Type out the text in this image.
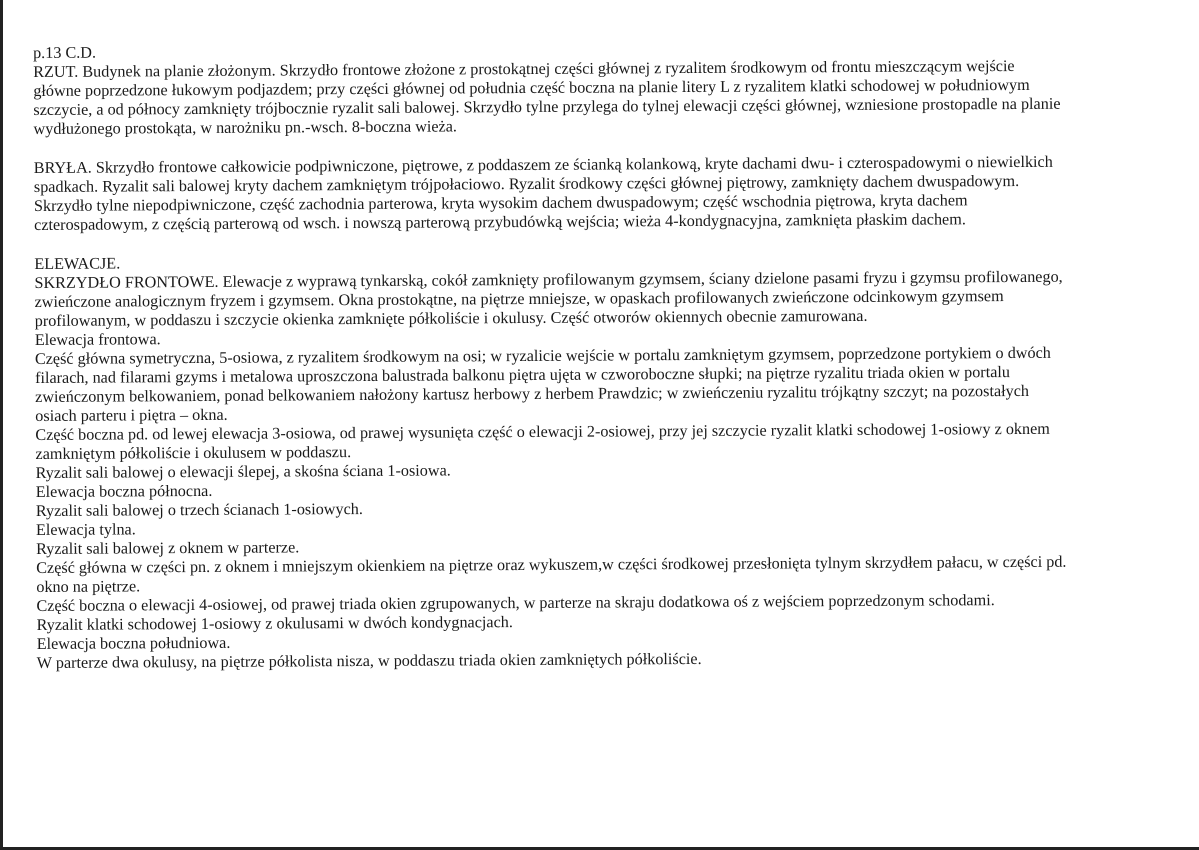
p.13 C.D.
RZUT. Budynek na planie złożonym. Skrzydło frontowe złożone z prostokątnej części głównej z ryzalitem środkowym od frontu mieszczącym wejście
główne poprzedzone łukowym podjazdem; przy części głównej od południa część boczna na planie litery L z ryzalitem klatki schodowej w południowym
szczycie, a od północy zamknięty trójbocznie ryzalit sali balowej. Skrzydło tylne przylega do tylnej elewacji części głównej, wzniesione prostopadle na planie
wydłużonego prostokąta, w narożniku pn.-wsch. 8-boczna wieża.
BRYŁA. Skrzydło frontowe całkowicie podpiwniczone, piętrowe, z poddaszem ze ścianką kolankową, kryte dachami dwu- i czterospadowymi o niewielkich
spadkach. Ryzalit sali balowej kryty dachem zamkniętym trójpołaciowo. Ryzalit środkowy części głównej piętrowy, zamknięty dachem dwuspadowym.
Skrzydło tylne niepodpiwniczone, część zachodnia parterowa, kryta wysokim dachem dwuspadowym; część wschodnia piętrowa, kryta dachem
czterospadowym, z częścią parterową od wsch. i nowszą parterową przybudówką wejścia; wieża 4-kondygnacyjna, zamknięta płaskim dachem.
ELEWACJE.
SKRZYDŁO FRONTOWE. Elewacje z wyprawą tynkarską, cokół zamknięty profilowanym gzymsem, ściany dzielone pasami fryzu i gzymsu profilowanego,
zwieńczone analogicznym fryzem i gzymsem. Okna prostokątne, na piętrze mniejsze, w opaskach profilowanych zwieńczone odcinkowym gzymsem
profilowanym, w poddaszu i szczycie okienka zamknięte półkoliście i okulusy. Część otworów okiennych obecnie zamurowana.
Elewacja frontowa.
Część główna symetryczna, 5-osiowa, z ryzalitem środkowym na osi; w ryzalicie wejście w portalu zamkniętym gzymsem, poprzedzone portykiem o dwóch
filarach, nad filarami gzyms i metalowa uproszczona balustrada balkonu piętra ujęta w czworoboczne słupki; na piętrze ryzalitu triada okien w portalu
zwieńczonym belkowaniem, ponad belkowaniem nałożony kartusz herbowy z herbem Prawdzic; w zwieńczeniu ryzalitu trójkątny szczyt; na pozostałych
osiach parteru i piętra – okna.
Część boczna pd. od lewej elewacja 3-osiowa, od prawej wysunięta część o elewacji 2-osiowej, przy jej szczycie ryzalit klatki schodowej 1-osiowy z oknem
zamkniętym półkoliście i okulusem w poddaszu.
Ryzalit sali balowej o elewacji ślepej, a skośna ściana 1-osiowa.
Elewacja boczna północna.
Ryzalit sali balowej o trzech ścianach 1-osiowych.
Elewacja tylna.
Ryzalit sali balowej z oknem w parterze.
Część główna w części pn. z oknem i mniejszym okienkiem na piętrze oraz wykuszem,w części środkowej przesłonięta tylnym skrzydłem pałacu, w części pd.
okno na piętrze.
Część boczna o elewacji 4-osiowej, od prawej triada okien zgrupowanych, w parterze na skraju dodatkowa oś z wejściem poprzedzonym schodami.
Ryzalit klatki schodowej 1-osiowy z okulusami w dwóch kondygnacjach.
Elewacja boczna południowa.
W parterze dwa okulusy, na piętrze półkolista nisza, w poddaszu triada okien zamkniętych półkoliście.
